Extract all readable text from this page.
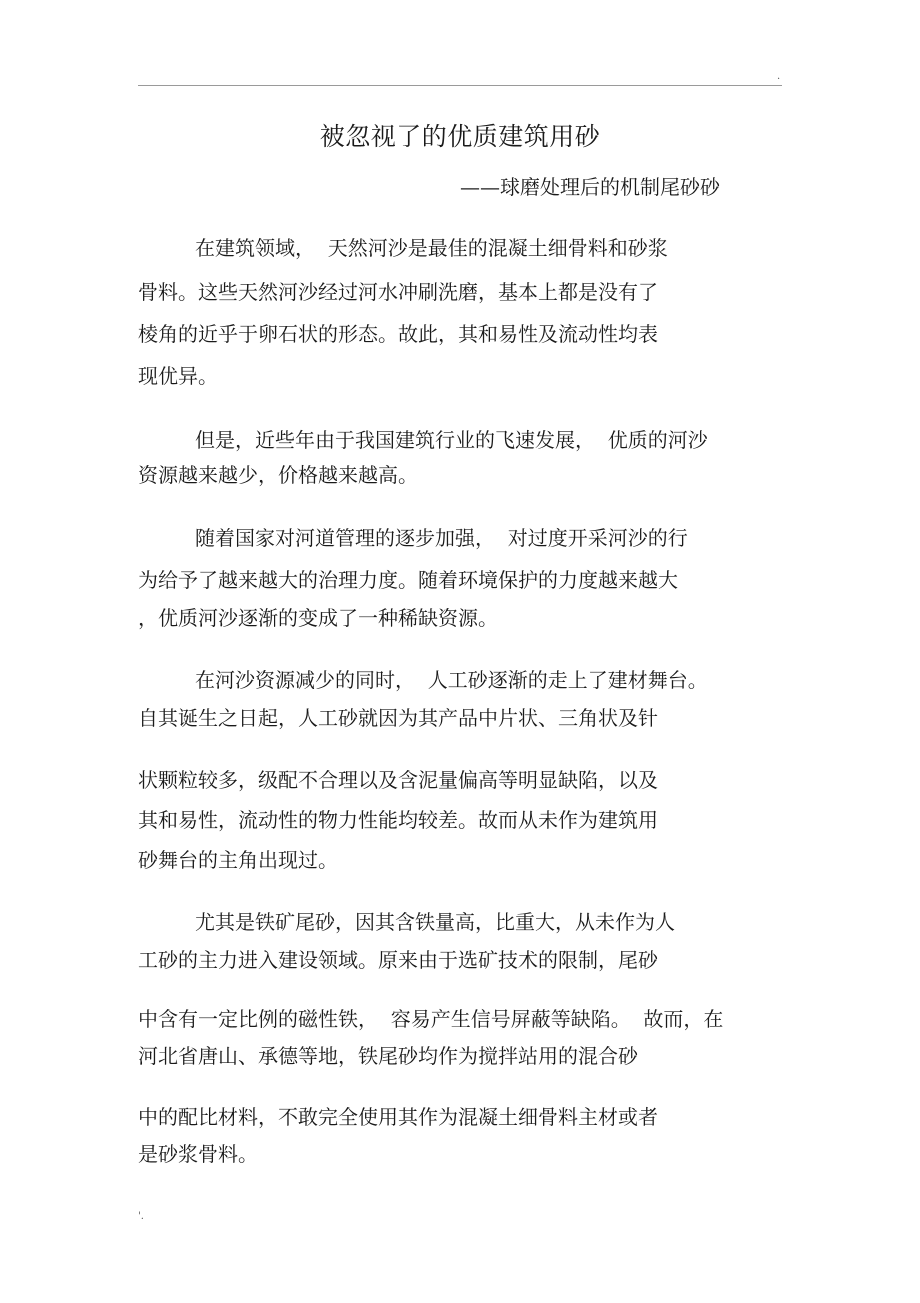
.
被忽视了的优质建筑用砂
——球磨处理后的机制尾砂砂
在建筑领域，  天然河沙是最佳的混凝土细骨料和砂浆
骨料。这些天然河沙经过河水冲刷洗磨，基本上都是没有了
棱角的近乎于卵石状的形态。故此，其和易性及流动性均表
现优异。
但是，近些年由于我国建筑行业的飞速发展，  优质的河沙
资源越来越少，价格越来越高。
随着国家对河道管理的逐步加强，  对过度开采河沙的行
为给予了越来越大的治理力度。随着环境保护的力度越来越大
，优质河沙逐渐的变成了一种稀缺资源。
在河沙资源减少的同时，  人工砂逐渐的走上了建材舞台。
自其诞生之日起，人工砂就因为其产品中片状、三角状及针
状颗粒较多，级配不合理以及含泥量偏高等明显缺陷，以及
其和易性，流动性的物力性能均较差。故而从未作为建筑用
砂舞台的主角出现过。
尤其是铁矿尾砂，因其含铁量高，比重大，从未作为人
工砂的主力进入建设领域。原来由于选矿技术的限制，尾砂
中含有一定比例的磁性铁，  容易产生信号屏蔽等缺陷。  故而，在
河北省唐山、承德等地，铁尾砂均作为搅拌站用的混合砂
中的配比材料，不敢完全使用其作为混凝土细骨料主材或者
是砂浆骨料。
'.
